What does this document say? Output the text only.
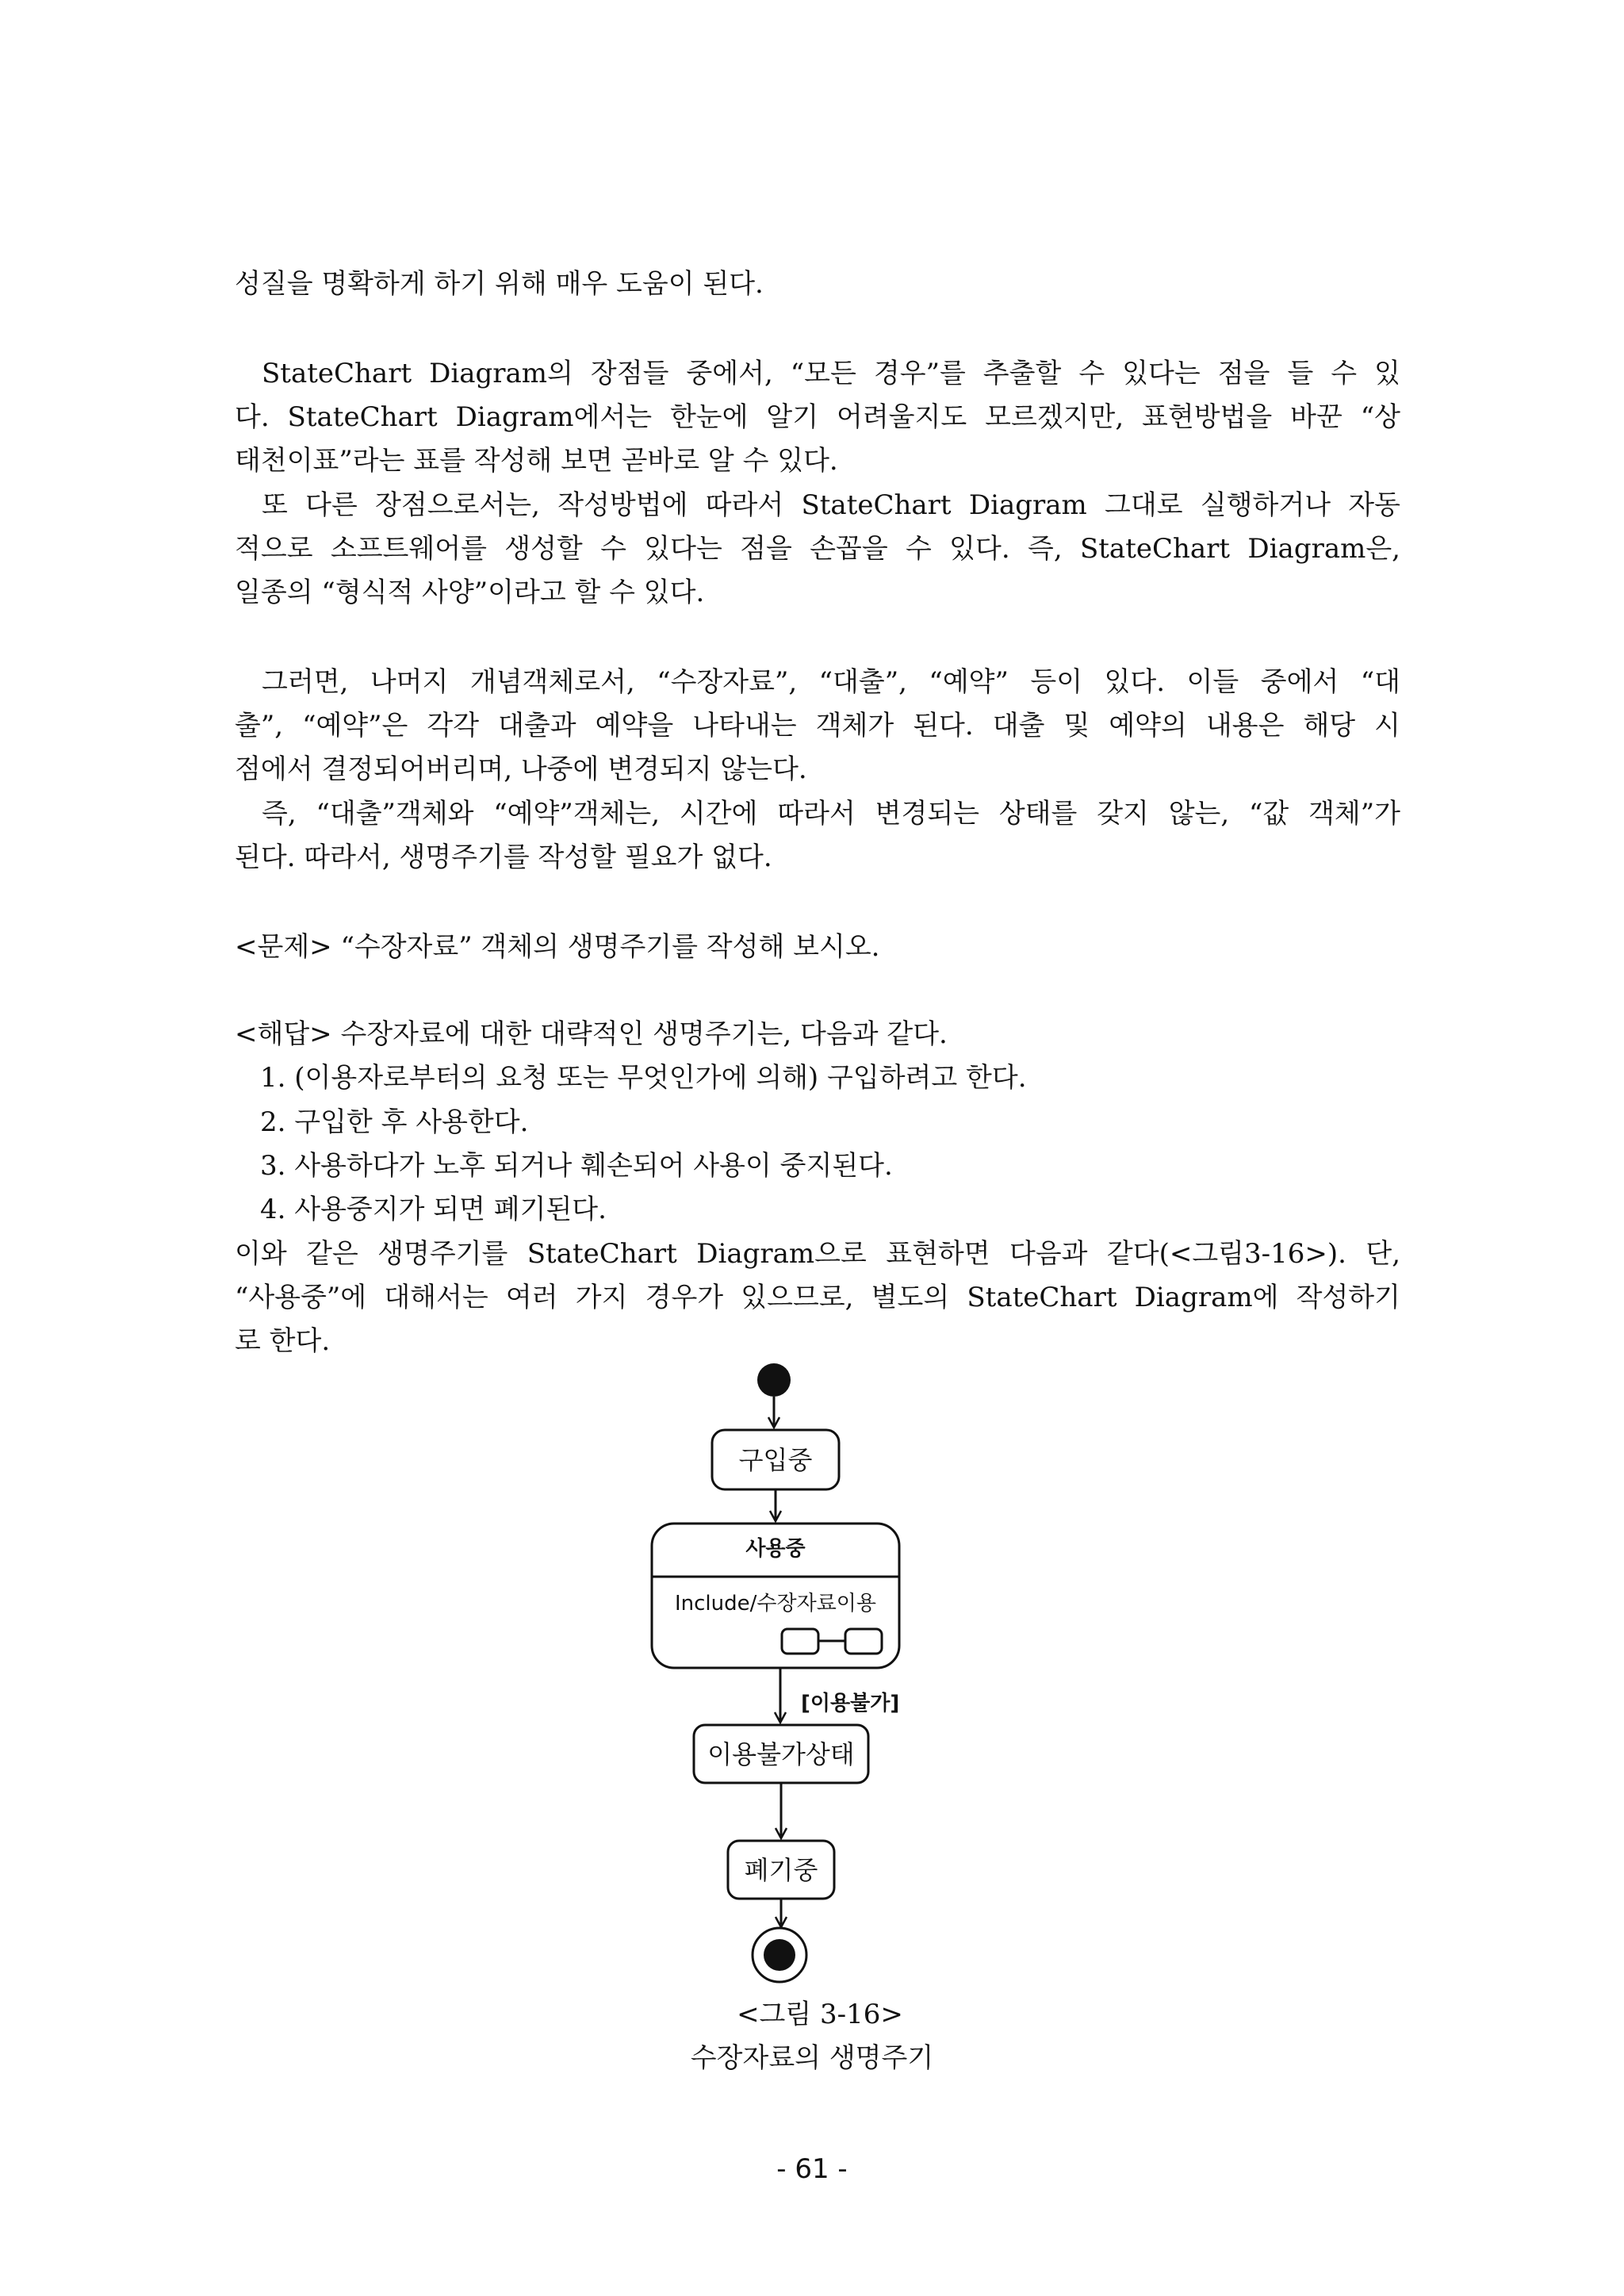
성질을 명확하게 하기 위해 매우 도움이 된다.
StateChart Diagram의 장점들 중에서, “모든 경우”를 추출할 수 있다는 점을 들 수 있
다. StateChart Diagram에서는 한눈에 알기 어려울지도 모르겠지만, 표현방법을 바꾼 “상
태천이표”라는 표를 작성해 보면 곧바로 알 수 있다.
또 다른 장점으로서는, 작성방법에 따라서 StateChart Diagram 그대로 실행하거나 자동
적으로 소프트웨어를 생성할 수 있다는 점을 손꼽을 수 있다. 즉, StateChart Diagram은,
일종의 “형식적 사양”이라고 할 수 있다.
그러면, 나머지 개념객체로서, “수장자료”, “대출”, “예약” 등이 있다. 이들 중에서 “대
출”, “예약”은 각각 대출과 예약을 나타내는 객체가 된다. 대출 및 예약의 내용은 해당 시
점에서 결정되어버리며, 나중에 변경되지 않는다.
즉, “대출”객체와 “예약”객체는, 시간에 따라서 변경되는 상태를 갖지 않는, “값 객체”가
된다. 따라서, 생명주기를 작성할 필요가 없다.
<문제> “수장자료” 객체의 생명주기를 작성해 보시오.
<해답> 수장자료에 대한 대략적인 생명주기는, 다음과 같다.
1. (이용자로부터의 요청 또는 무엇인가에 의해) 구입하려고 한다.
2. 구입한 후 사용한다.
3. 사용하다가 노후 되거나 훼손되어 사용이 중지된다.
4. 사용중지가 되면 폐기된다.
이와 같은 생명주기를 StateChart Diagram으로 표현하면 다음과 같다(<그림3-16>). 단,
“사용중”에 대해서는 여러 가지 경우가 있으므로, 별도의 StateChart Diagram에 작성하기
로 한다.
구입중
사용중
Include/수장자료이용
[이용불가]
이용불가상태
폐기중
<그림 3-16>
수장자료의 생명주기
- 61 -
